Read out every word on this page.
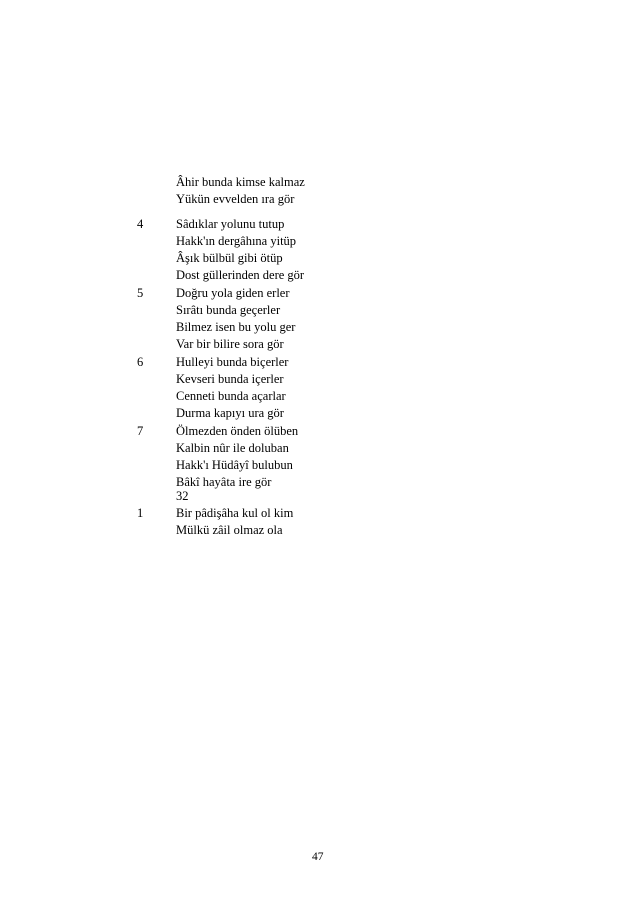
Âhir bunda kimse kalmaz
Yükün evvelden ıra gör
4	Sâdıklar yolunu tutup
Hakk'ın dergâhına yitüp
Âşık bülbül gibi ötüp
Dost güllerinden dere gör
5	Doğru yola giden erler
Sırâtı bunda geçerler
Bilmez isen bu yolu ger
Var bir bilire sora gör
6	Hulleyi bunda biçerler
Kevseri bunda içerler
Cenneti bunda açarlar
Durma kapıyı ura gör
7	Ölmezden önden ölüben
Kalbin nûr ile doluban
Hakk'ı Hüdâyî bulubun
Bâkî hayâta ire gör
32
1	Bir pâdişâha kul ol kim
Mülkü zâil olmaz ola
47
